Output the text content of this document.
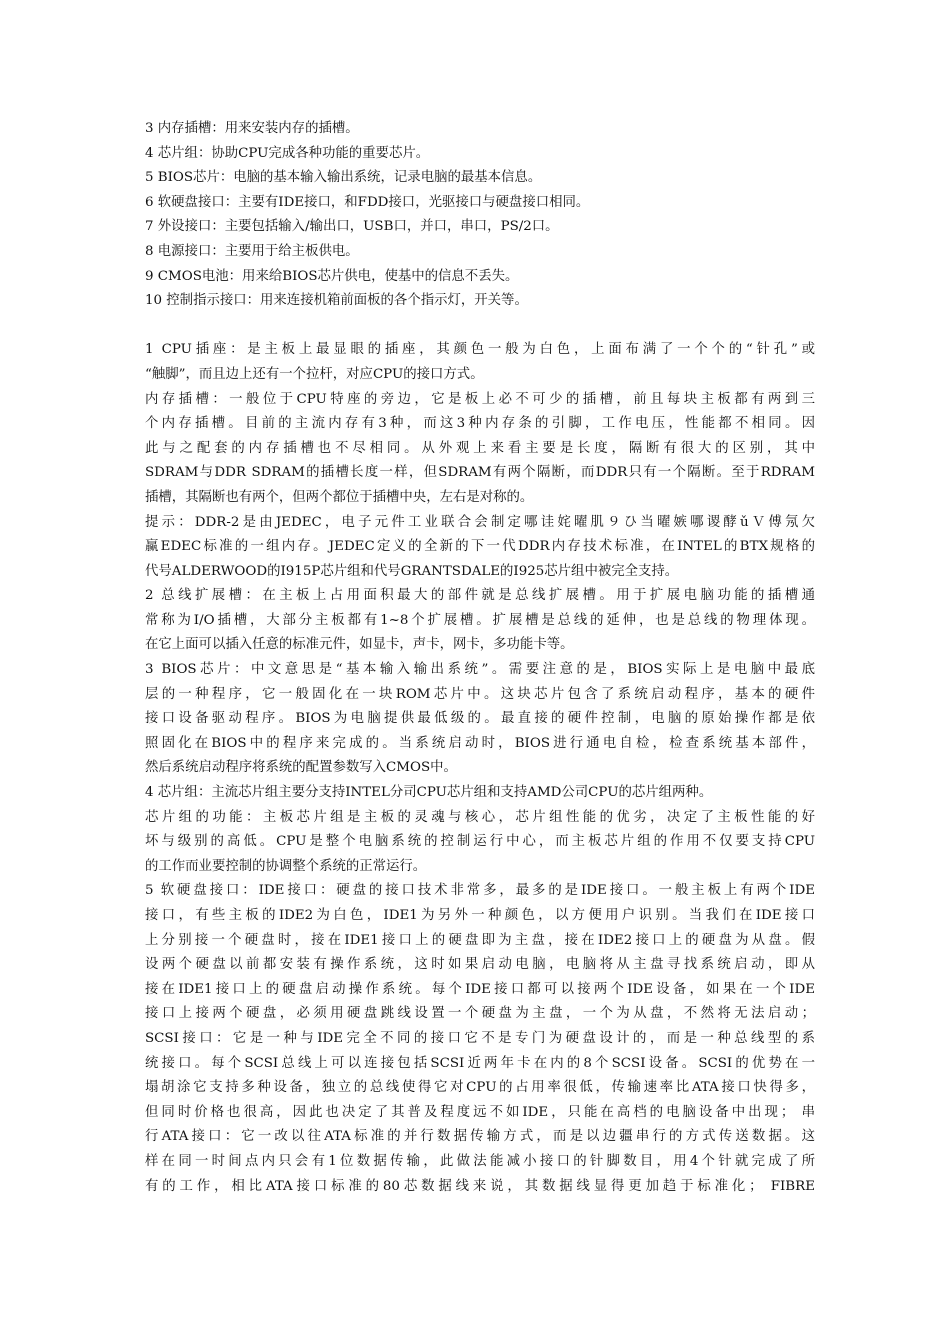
3 内存插槽：用来安装内存的插槽。
4 芯片组：协助CPU完成各种功能的重要芯片。
5 BIOS芯片：电脑的基本输入输出系统，记录电脑的最基本信息。
6 软硬盘接口：主要有IDE接口，和FDD接口，光驱接口与硬盘接口相同。
7 外设接口：主要包括输入/输出口，USB口，并口，串口，PS/2口。
8 电源接口：主要用于给主板供电。
9 CMOS电池：用来给BIOS芯片供电，使基中的信息不丢失。
10 控制指示接口：用来连接机箱前面板的各个指示灯，开关等。
1 CPU插座：是主板上最显眼的插座，其颜色一般为白色，上面布满了一个个的“针孔”或
“触脚”，而且边上还有一个拉杆，对应CPU的接口方式。
内存插槽：一般位于CPU特座的旁边，它是板上必不可少的插槽，前且每块主板都有两到三
个内存插槽。目前的主流内存有3种，而这3种内存条的引脚，工作电压，性能都不相同。因
此与之配套的内存插槽也不尽相同。从外观上来看主要是长度，隔断有很大的区别，其中
SDRAM与DDR SDRAM的插槽长度一样，但SDRAM有两个隔断，而DDR只有一个隔断。至于RDRAM
插槽，其隔断也有两个，但两个都位于插槽中央，左右是对称的。
提示：DDR-2是由JEDEC，电子元件工业联合会制定哪诖姹曜肌９ひ当曜嫉哪谡酵ǔＶ傅氖欠
赢EDEC标准的一组内存。JEDEC定义的全新的下一代DDR内存技术标准，在INTEL的BTX规格的
代号ALDERWOOD的I915P芯片组和代号GRANTSDALE的I925芯片组中被完全支持。
2 总线扩展槽：在主板上占用面积最大的部件就是总线扩展槽。用于扩展电脑功能的插槽通
常称为I/O插槽，大部分主板都有1~8个扩展槽。扩展槽是总线的延伸，也是总线的物理体现。
在它上面可以插入任意的标准元件，如显卡，声卡，网卡，多功能卡等。
3 BIOS芯片：中文意思是“基本输入输出系统”。需要注意的是，BIOS实际上是电脑中最底
层的一种程序，它一般固化在一块ROM芯片中。这块芯片包含了系统启动程序，基本的硬件
接口设备驱动程序。BIOS为电脑提供最低级的。最直接的硬件控制，电脑的原始操作都是依
照固化在BIOS中的程序来完成的。当系统启动时，BIOS进行通电自检，检查系统基本部件，
然后系统启动程序将系统的配置参数写入CMOS中。
4 芯片组：主流芯片组主要分支持INTEL分司CPU芯片组和支持AMD公司CPU的芯片组两种。
芯片组的功能：主板芯片组是主板的灵魂与核心，芯片组性能的优劣，决定了主板性能的好
坏与级别的高低。CPU是整个电脑系统的控制运行中心，而主板芯片组的作用不仅要支持CPU
的工作而业要控制的协调整个系统的正常运行。
5 软硬盘接口：IDE接口：硬盘的接口技术非常多，最多的是IDE接口。一般主板上有两个IDE
接口，有些主板的IDE2为白色，IDE1为另外一种颜色，以方便用户识别。当我们在IDE接口
上分别接一个硬盘时，接在IDE1接口上的硬盘即为主盘，接在IDE2接口上的硬盘为从盘。假
设两个硬盘以前都安装有操作系统，这时如果启动电脑，电脑将从主盘寻找系统启动，即从
接在IDE1接口上的硬盘启动操作系统。每个IDE接口都可以接两个IDE设备，如果在一个IDE
接口上接两个硬盘，必须用硬盘跳线设置一个硬盘为主盘，一个为从盘，不然将无法启动；
SCSI接口：它是一种与IDE完全不同的接口它不是专门为硬盘设计的，而是一种总线型的系
统接口。每个SCSI总线上可以连接包括SCSI近两年卡在内的8个SCSI设备。SCSI的优势在一
塌胡涂它支持多种设备，独立的总线使得它对CPU的占用率很低，传输速率比ATA接口快得多，
但同时价格也很高，因此也决定了其普及程度远不如IDE，只能在高档的电脑设备中出现； 串
行ATA接口：它一改以往ATA标准的并行数据传输方式，而是以边疆串行的方式传送数据。这
样在同一时间点内只会有1位数据传输，此做法能减小接口的针脚数目，用4个针就完成了所
有的工作，相比ATA接口标准的80芯数据线来说，其数据线显得更加趋于标准化； FIBRE
